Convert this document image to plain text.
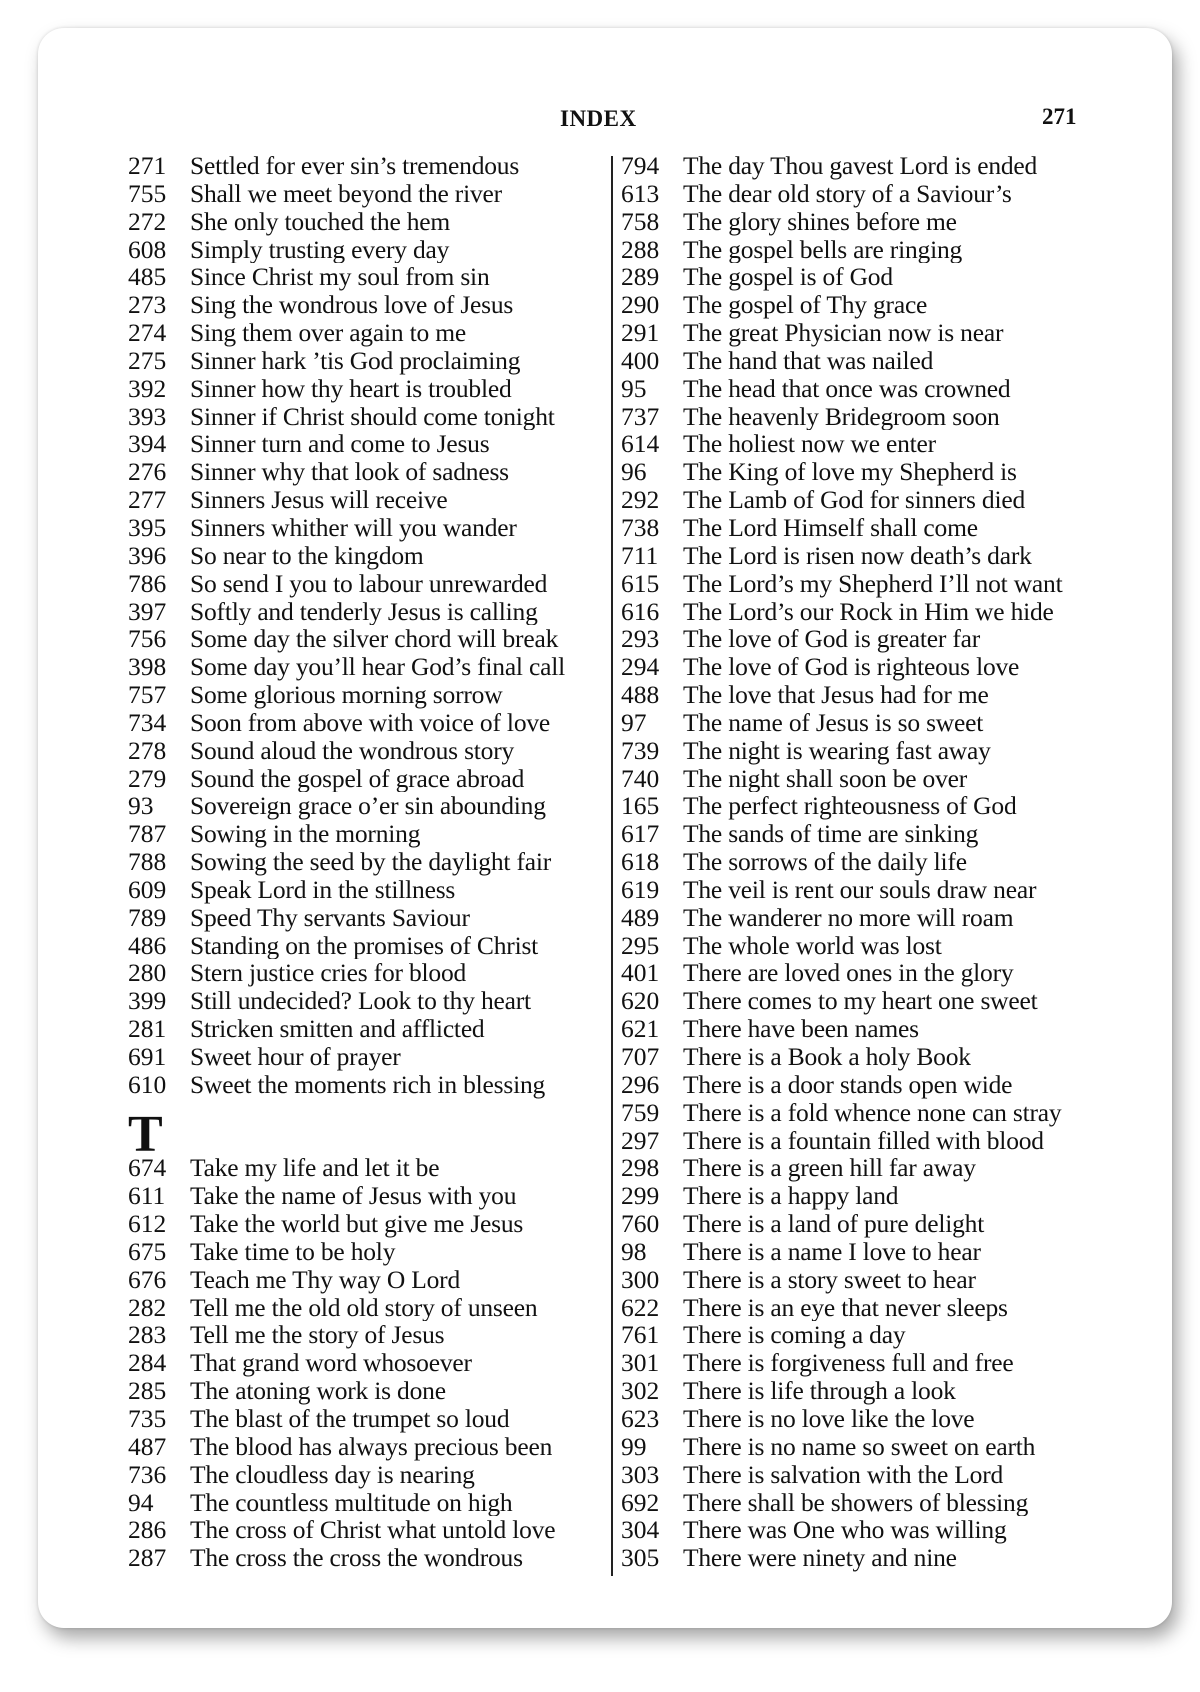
INDEX	271
271 Settled for ever sin’s tremendous
755 Shall we meet beyond the river
272 She only touched the hem
608 Simply trusting every day
485 Since Christ my soul from sin
273 Sing the wondrous love of Jesus
274 Sing them over again to me
275 Sinner hark ’tis God proclaiming
392 Sinner how thy heart is troubled
393 Sinner if Christ should come tonight
394 Sinner turn and come to Jesus
276 Sinner why that look of sadness
277 Sinners Jesus will receive
395 Sinners whither will you wander
396 So near to the kingdom
786 So send I you to labour unrewarded
397 Softly and tenderly Jesus is calling
756 Some day the silver chord will break
398 Some day you’ll hear God’s final call
757 Some glorious morning sorrow
734 Soon from above with voice of love
278 Sound aloud the wondrous story
279 Sound the gospel of grace abroad
93	Sovereign grace o’er sin abounding
787 Sowing in the morning
788 Sowing the seed by the daylight fair
609 Speak Lord in the stillness
789 Speed Thy servants Saviour
486 Standing on the promises of Christ
280 Stern justice cries for blood
399 Still undecided? Look to thy heart
281 Stricken smitten and afflicted
691 Sweet hour of prayer
610 Sweet the moments rich in blessing
T
674 Take my life and let it be
611 Take the name of Jesus with you
612 Take the world but give me Jesus
675 Take time to be holy
676 Teach me Thy way O Lord
282 Tell me the old old story of unseen
283 Tell me the story of Jesus
284 That grand word whosoever
285 The atoning work is done
735 The blast of the trumpet so loud
487 The blood has always precious been
736 The cloudless day is nearing
94	The countless multitude on high
286 The cross of Christ what untold love
287 The cross the cross the wondrous
794 The day Thou gavest Lord is ended
613 The dear old story of a Saviour’s
758 The glory shines before me
288 The gospel bells are ringing
289 The gospel is of God
290 The gospel of Thy grace
291 The great Physician now is near
400 The hand that was nailed
95	The head that once was crowned
737 The heavenly Bridegroom soon
614 The holiest now we enter
96	The King of love my Shepherd is
292 The Lamb of God for sinners died
738 The Lord Himself shall come
711 The Lord is risen now death’s dark
615 The Lord’s my Shepherd I’ll not want
616 The Lord’s our Rock in Him we hide
293 The love of God is greater far
294 The love of God is righteous love
488 The love that Jesus had for me
97	The name of Jesus is so sweet
739 The night is wearing fast away
740 The night shall soon be over
165 The perfect righteousness of God
617 The sands of time are sinking
618 The sorrows of the daily life
619 The veil is rent our souls draw near
489 The wanderer no more will roam
295 The whole world was lost
401 There are loved ones in the glory
620 There comes to my heart one sweet
621 There have been names
707 There is a Book a holy Book
296 There is a door stands open wide
759 There is a fold whence none can stray
297 There is a fountain filled with blood
298 There is a green hill far away
299 There is a happy land
760 There is a land of pure delight
98	There is a name I love to hear
300 There is a story sweet to hear
622 There is an eye that never sleeps
761 There is coming a day
301 There is forgiveness full and free
302 There is life through a look
623 There is no love like the love
99	There is no name so sweet on earth
303 There is salvation with the Lord
692 There shall be showers of blessing
304 There was One who was willing
305 There were ninety and nine
